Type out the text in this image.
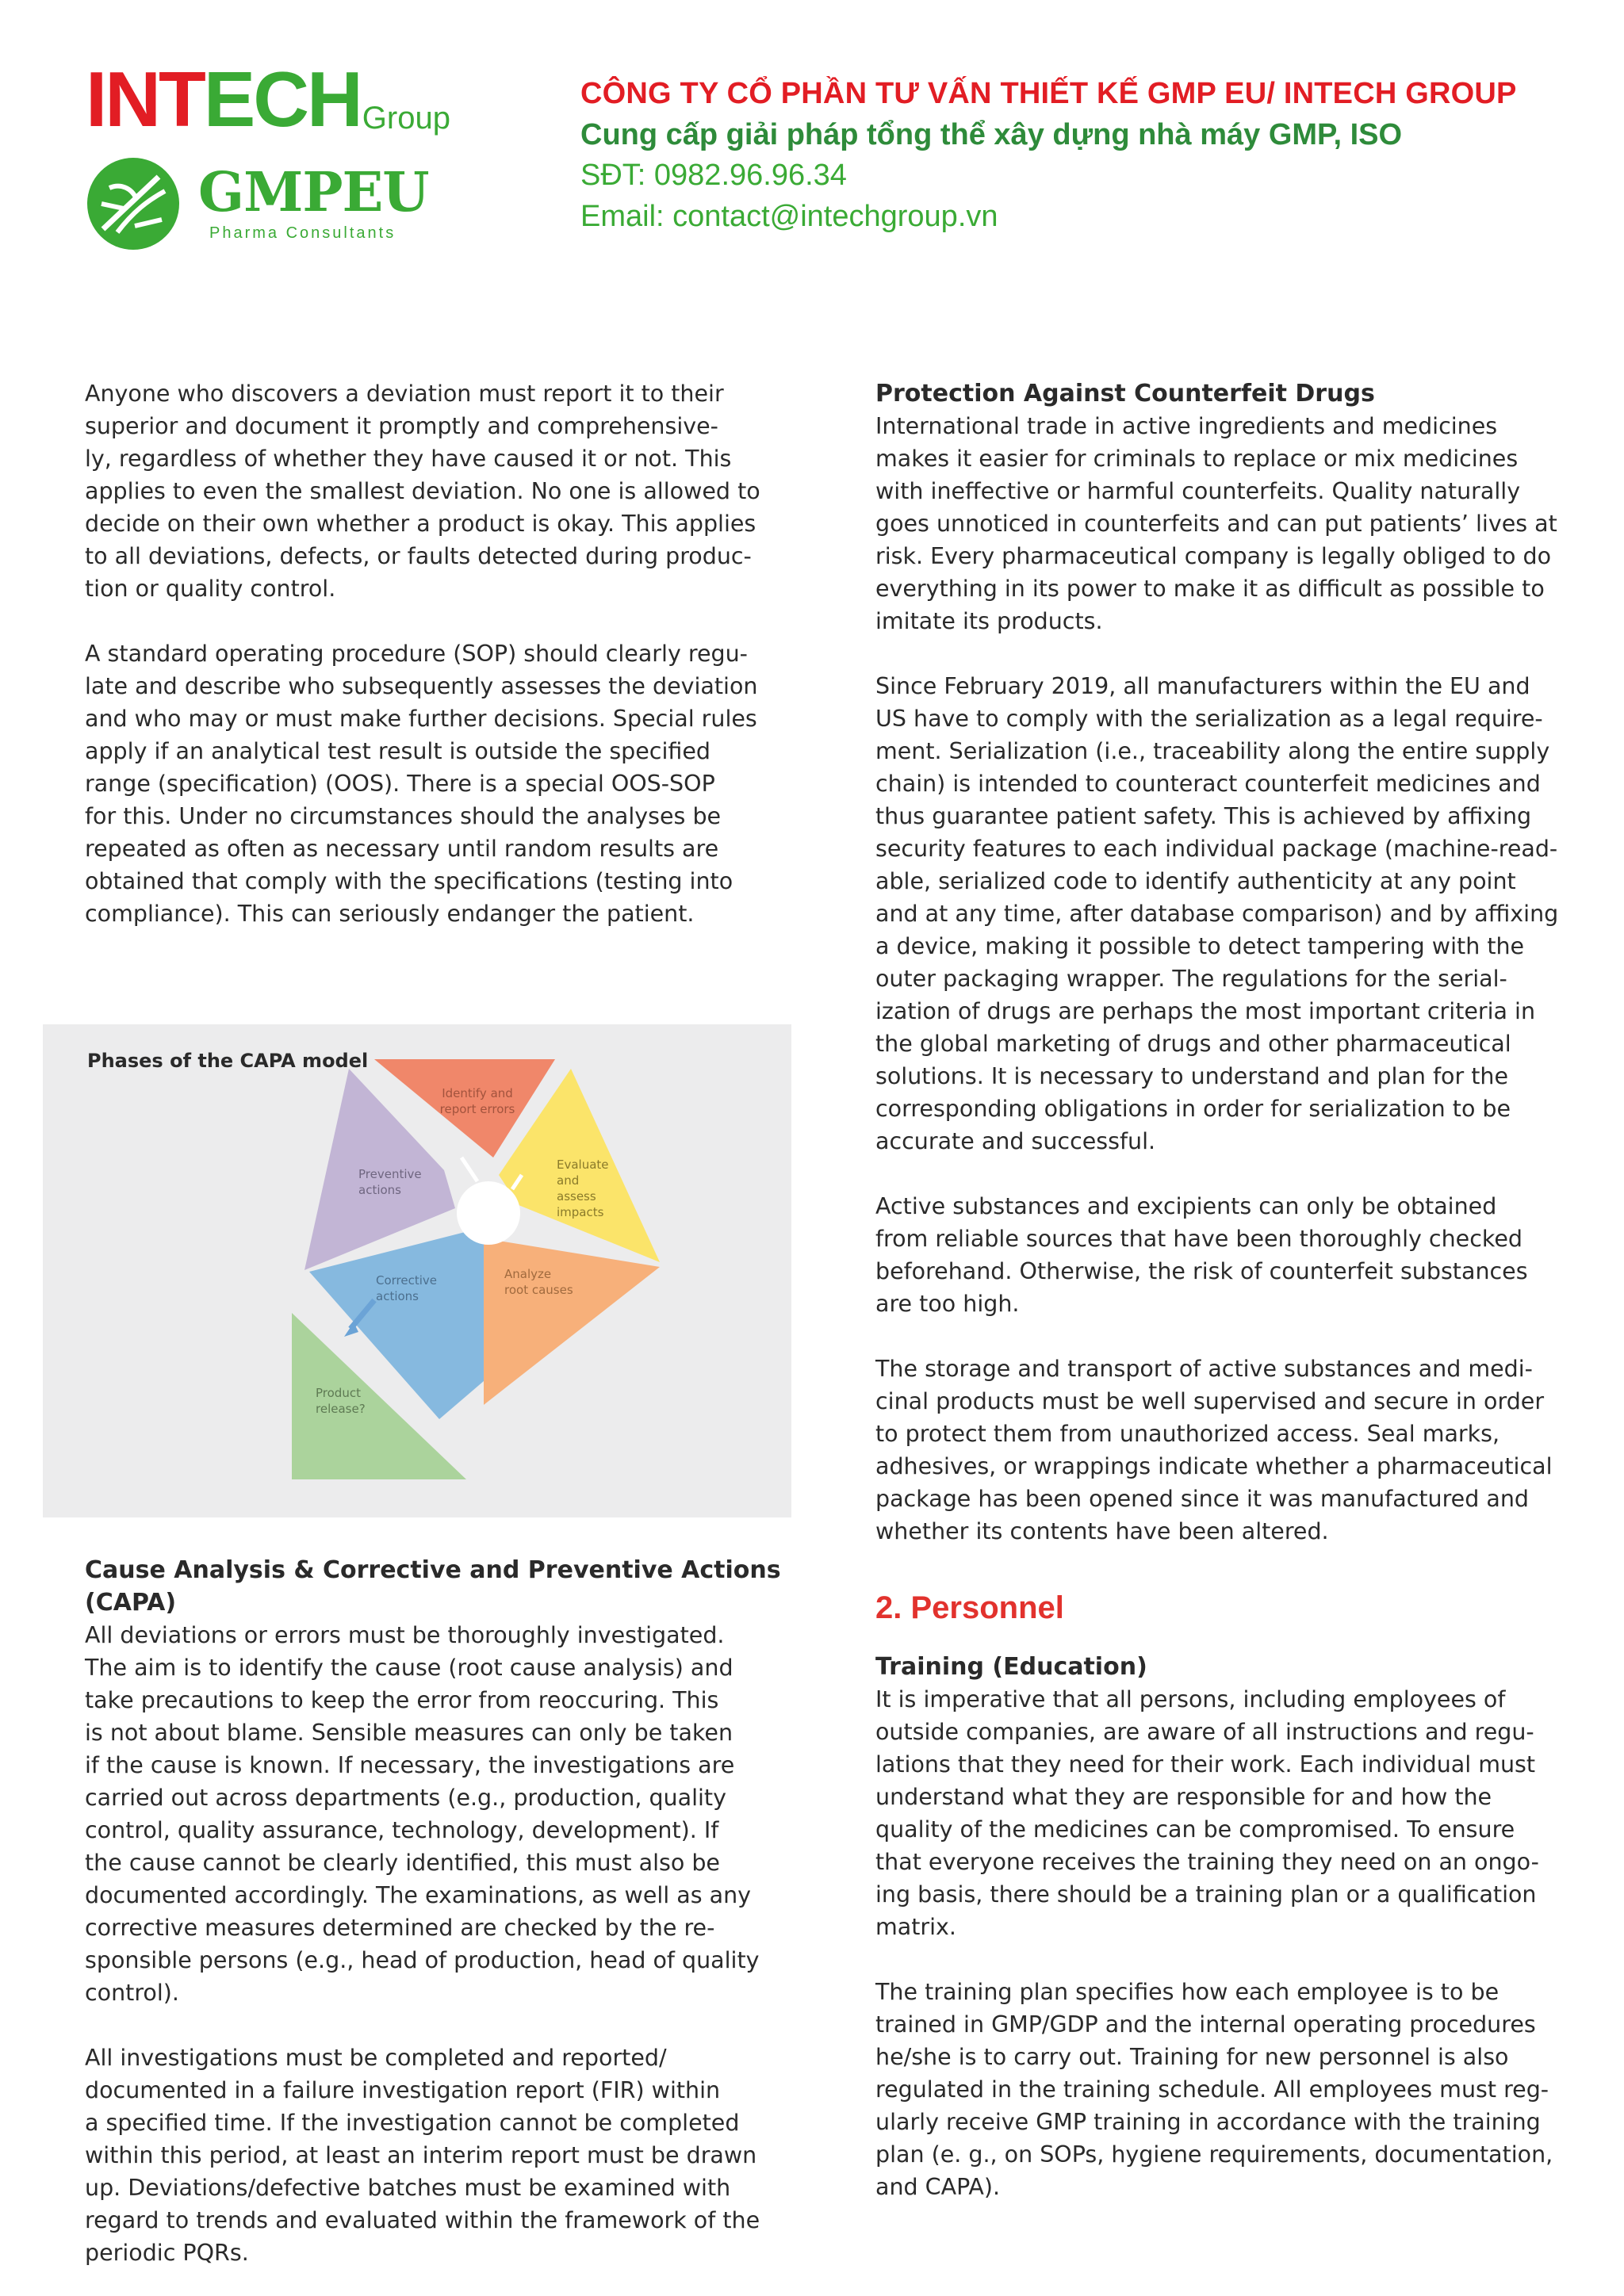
INTECH Group
GMPEU
Pharma Consultants
CÔNG TY CỔ PHẦN TƯ VẤN THIẾT KẾ GMP EU/ INTECH GROUP
Cung cấp giải pháp tổng thể xây dựng nhà máy GMP, ISO
SĐT: 0982.96.96.34
Email: contact@intechgroup.vn

Anyone who discovers a deviation must report it to their
superior and document it promptly and comprehensive-
ly, regardless of whether they have caused it or not. This
applies to even the smallest deviation. No one is allowed to
decide on their own whether a product is okay. This applies
to all deviations, defects, or faults detected during produc-
tion or quality control.

A standard operating procedure (SOP) should clearly regu-
late and describe who subsequently assesses the deviation
and who may or must make further decisions. Special rules
apply if an analytical test result is outside the specified
range (specification) (OOS). There is a special OOS-SOP
for this. Under no circumstances should the analyses be
repeated as often as necessary until random results are
obtained that comply with the specifications (testing into
compliance). This can seriously endanger the patient.

Phases of the CAPA model
Identify and
report errors
Evaluate
and
assess
impacts
Analyze
root causes
Corrective
actions
Preventive
actions
Product
release?
Cause Analysis & Corrective and Preventive Actions (CAPA)

All deviations or errors must be thoroughly investigated.
The aim is to identify the cause (root cause analysis) and
take precautions to keep the error from reoccuring. This
is not about blame. Sensible measures can only be taken
if the cause is known. If necessary, the investigations are
carried out across departments (e.g., production, quality
control, quality assurance, technology, development). If
the cause cannot be clearly identified, this must also be
documented accordingly. The examinations, as well as any
corrective measures determined are checked by the re-
sponsible persons (e.g., head of production, head of quality
control).

All investigations must be completed and reported/
documented in a failure investigation report (FIR) within
a specified time. If the investigation cannot be completed
within this period, at least an interim report must be drawn
up. Deviations/defective batches must be examined with
regard to trends and evaluated within the framework of the
periodic PQRs.

Protection Against Counterfeit Drugs

International trade in active ingredients and medicines
makes it easier for criminals to replace or mix medicines
with ineffective or harmful counterfeits. Quality naturally
goes unnoticed in counterfeits and can put patients’ lives at
risk. Every pharmaceutical company is legally obliged to do
everything in its power to make it as difficult as possible to
imitate its products.

Since February 2019, all manufacturers within the EU and
US have to comply with the serialization as a legal require-
ment. Serialization (i.e., traceability along the entire supply
chain) is intended to counteract counterfeit medicines and
thus guarantee patient safety. This is achieved by affixing
security features to each individual package (machine-read-
able, serialized code to identify authenticity at any point
and at any time, after database comparison) and by affixing
a device, making it possible to detect tampering with the
outer packaging wrapper. The regulations for the serial-
ization of drugs are perhaps the most important criteria in
the global marketing of drugs and other pharmaceutical
solutions. It is necessary to understand and plan for the
corresponding obligations in order for serialization to be
accurate and successful.

Active substances and excipients can only be obtained
from reliable sources that have been thoroughly checked
beforehand. Otherwise, the risk of counterfeit substances
are too high.

The storage and transport of active substances and medi-
cinal products must be well supervised and secure in order
to protect them from unauthorized access. Seal marks,
adhesives, or wrappings indicate whether a pharmaceutical
package has been opened since it was manufactured and
whether its contents have been altered.

2. Personnel
Training (Education)

It is imperative that all persons, including employees of
outside companies, are aware of all instructions and regu-
lations that they need for their work. Each individual must
understand what they are responsible for and how the
quality of the medicines can be compromised. To ensure
that everyone receives the training they need on an ongo-
ing basis, there should be a training plan or a qualification
matrix.

The training plan specifies how each employee is to be
trained in GMP/GDP and the internal operating procedures
he/she is to carry out. Training for new personnel is also
regulated in the training schedule. All employees must reg-
ularly receive GMP training in accordance with the training
plan (e. g., on SOPs, hygiene requirements, documentation,
and CAPA).
